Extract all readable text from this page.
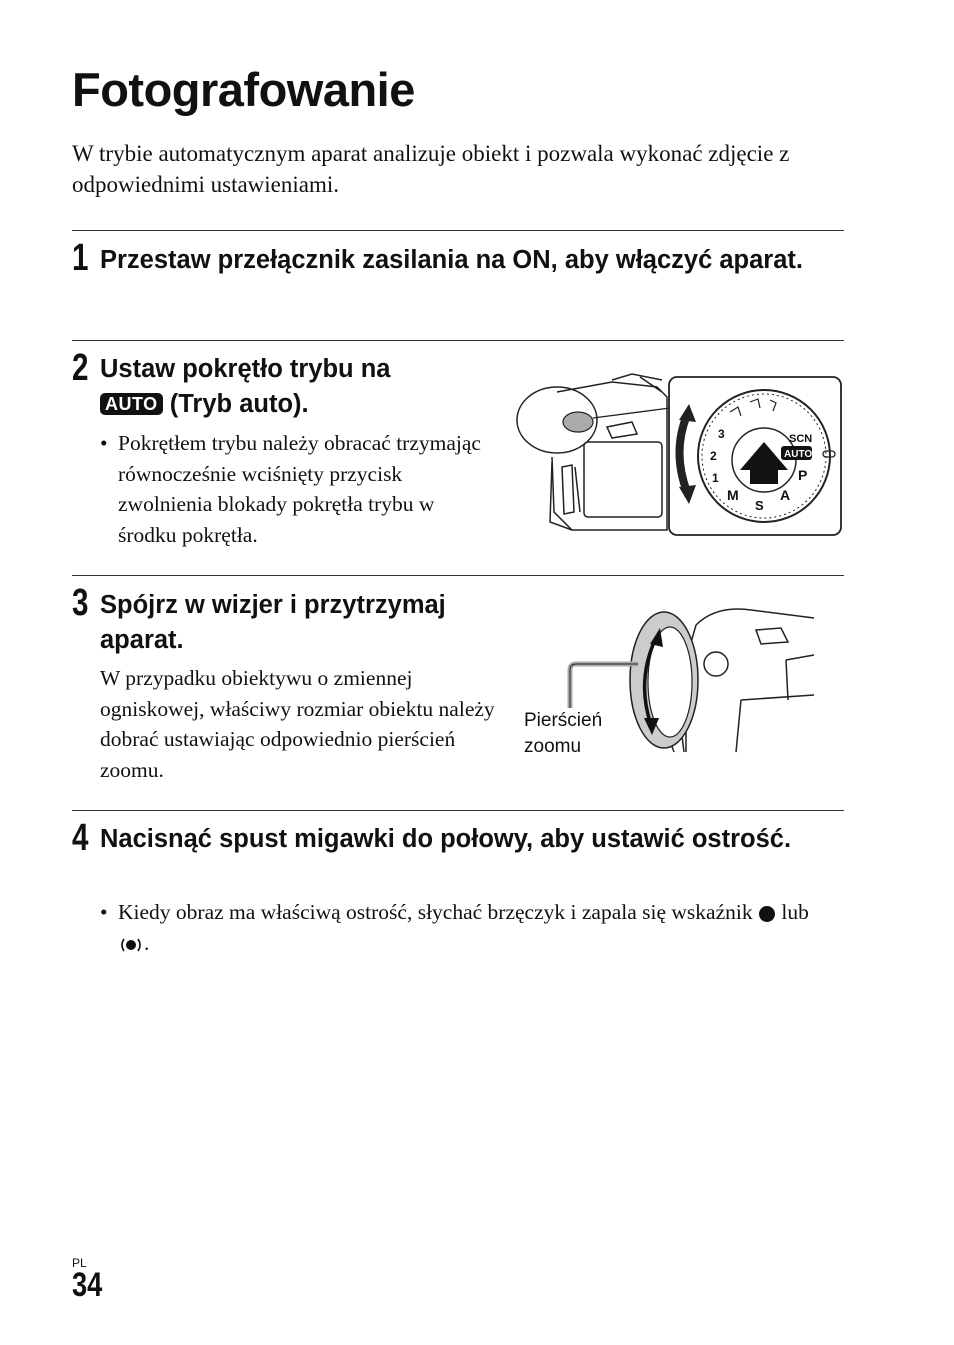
Fotografowanie

W trybie automatycznym aparat analizuje obiekt i pozwala wykonać zdjęcie z odpowiednimi ustawieniami.

1 Przestaw przełącznik zasilania na ON, aby włączyć aparat.

2 Ustaw pokrętło trybu na
AUTO (Tryb auto).

• Pokrętłem trybu należy obracać trzymając równocześnie wciśnięty przycisk zwolnienia blokady pokrętła trybu w środku pokrętła.
SCN
P
A
S
M
1
2
3
AUTO
3 Spójrz w wizjer i przytrzymaj aparat.

W przypadku obiektywu o zmiennej ogniskowej, właściwy rozmiar obiektu należy dobrać ustawiając odpowiednio pierścień zoomu.

Pierścień
zoomu

4 Nacisnąć spust migawki do połowy, aby ustawić ostrość.

• Kiedy obraz ma właściwą ostrość, słychać brzęczyk i zapala się wskaźnik lub .
PL
34
